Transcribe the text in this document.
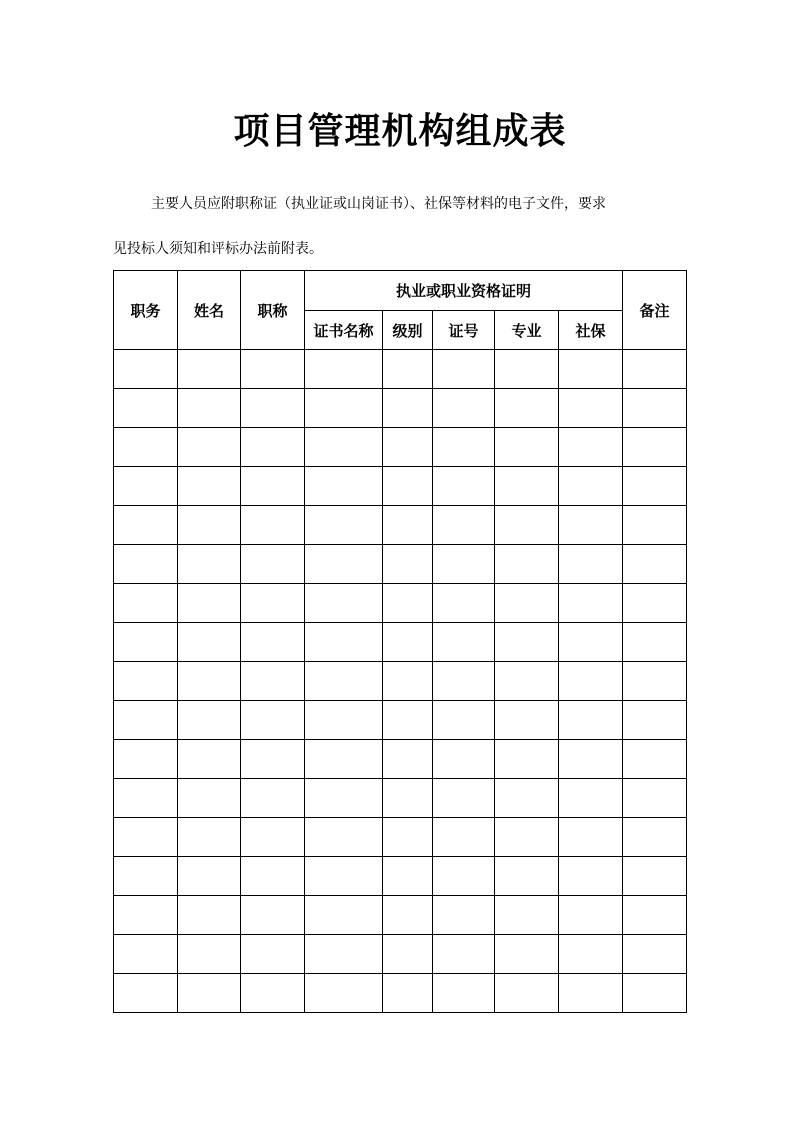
项目管理机构组成表
主要人员应附职称证（执业证或山岗证书）、社保等材料的电子文件，要求
见投标人须知和评标办法前附表。
职务	姓名	职称	执业或职业资格证明					备注
			证书名称	级别	证号	专业	社保	
